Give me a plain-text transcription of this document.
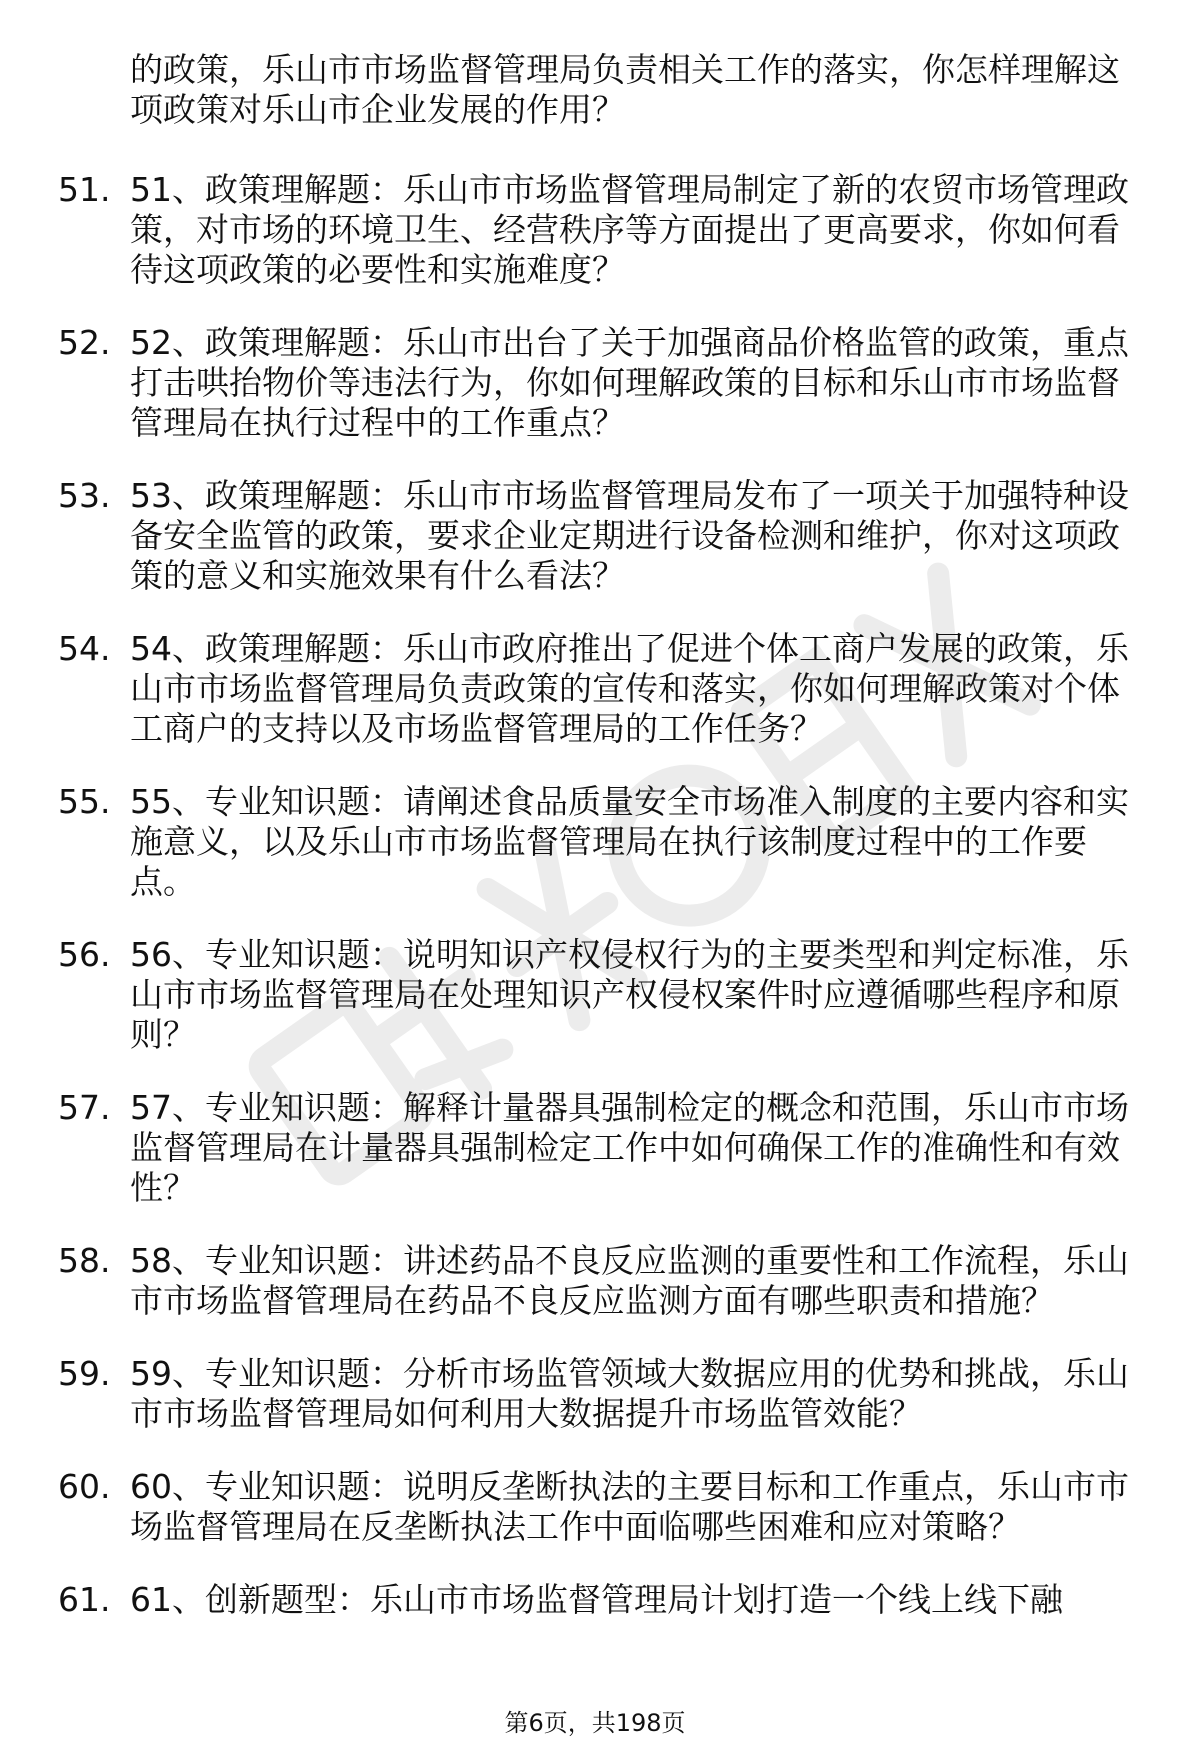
的政策，乐山市市场监督管理局负责相关工作的落实，你怎样理解这项政策对乐山市企业发展的作用？

51. 51、政策理解题：乐山市市场监督管理局制定了新的农贸市场管理政策，对市场的环境卫生、经营秩序等方面提出了更高要求，你如何看待这项政策的必要性和实施难度？
52. 52、政策理解题：乐山市出台了关于加强商品价格监管的政策，重点打击哄抬物价等违法行为，你如何理解政策的目标和乐山市市场监督管理局在执行过程中的工作重点？
53. 53、政策理解题：乐山市市场监督管理局发布了一项关于加强特种设备安全监管的政策，要求企业定期进行设备检测和维护，你对这项政策的意义和实施效果有什么看法？
54. 54、政策理解题：乐山市政府推出了促进个体工商户发展的政策，乐山市市场监督管理局负责政策的宣传和落实，你如何理解政策对个体工商户的支持以及市场监督管理局的工作任务？
55. 55、专业知识题：请阐述食品质量安全市场准入制度的主要内容和实施意义，以及乐山市市场监督管理局在执行该制度过程中的工作要点。
56. 56、专业知识题：说明知识产权侵权行为的主要类型和判定标准，乐山市市场监督管理局在处理知识产权侵权案件时应遵循哪些程序和原则？
57. 57、专业知识题：解释计量器具强制检定的概念和范围，乐山市市场监督管理局在计量器具强制检定工作中如何确保工作的准确性和有效性？
58. 58、专业知识题：讲述药品不良反应监测的重要性和工作流程，乐山市市场监督管理局在药品不良反应监测方面有哪些职责和措施？
59. 59、专业知识题：分析市场监管领域大数据应用的优势和挑战，乐山市市场监督管理局如何利用大数据提升市场监管效能？
60. 60、专业知识题：说明反垄断执法的主要目标和工作重点，乐山市市场监督管理局在反垄断执法工作中面临哪些困难和应对策略？
61. 61、创新题型：乐山市市场监督管理局计划打造一个线上线下融
第6页，共198页
